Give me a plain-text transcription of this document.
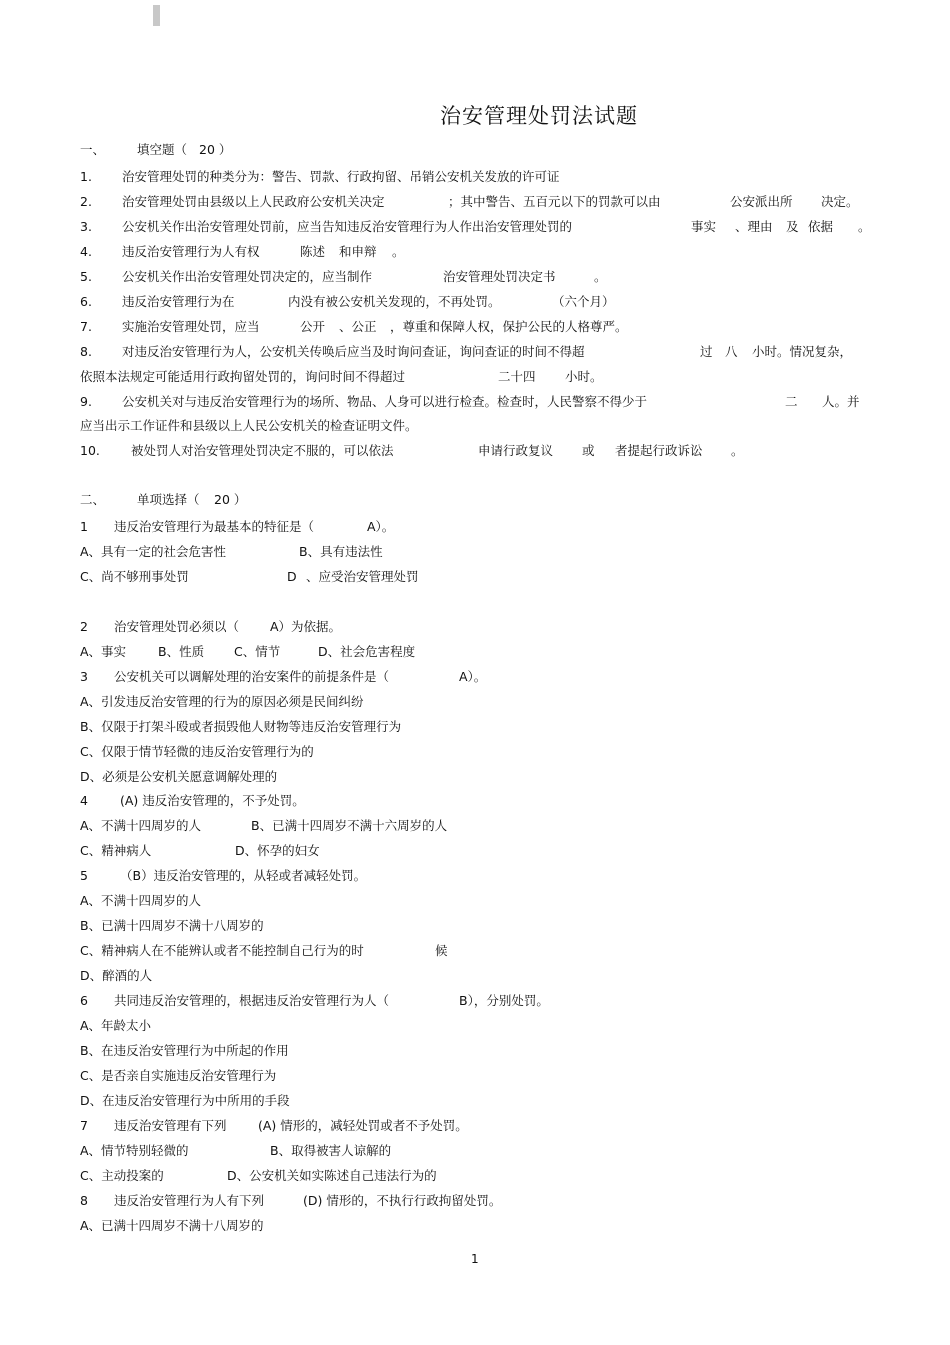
治安管理处罚法试题
一、	填空题（ 20 ）
1. 治安管理处罚的种类分为：警告、罚款、行政拘留、吊销公安机关发放的许可证
2. 治安管理处罚由县级以上人民政府公安机关决定	；其中警告、五百元以下的罚款可以由	公安派出所 决定。
3. 公安机关作出治安管理处罚前，应当告知违反治安管理行为人作出治安管理处罚的	事实 、理由 及 依据 。
4. 违反治安管理行为人有权	陈述 和申辩 。
5. 公安机关作出治安管理处罚决定的，应当制作	治安管理处罚决定书	。
6. 违反治安管理行为在	内没有被公安机关发现的，不再处罚。	（六个月）
7. 实施治安管理处罚，应当	公开 、公正 ，尊重和保障人权，保护公民的人格尊严。
8. 对违反治安管理行为人，公安机关传唤后应当及时询问查证，询问查证的时间不得超	过 八 小时。情况复杂，
依照本法规定可能适用行政拘留处罚的，询问时间不得超过	二十四 小时。
9. 公安机关对与违反治安管理行为的场所、物品、人身可以进行检查。检查时，人民警察不得少于	二 人。并
应当出示工作证件和县级以上人民公安机关的检查证明文件。
10. 被处罚人对治安管理处罚决定不服的，可以依法	申请行政复议 或 者提起行政诉讼 。
二、	单项选择（ 20 ）
1 违反治安管理行为最基本的特征是（	A）。
A、具有一定的社会危害性	B、具有违法性
C、尚不够刑事处罚	D 、应受治安管理处罚
2 治安管理处罚必须以（ A）为依据。
A、事实	B、性质 C、情节	D、社会危害程度
3 公安机关可以调解处理的治安案件的前提条件是（	A）。
A、引发违反治安管理的行为的原因必须是民间纠纷
B、仅限于打架斗殴或者损毁他人财物等违反治安管理行为
C、仅限于情节轻微的违反治安管理行为的
D、必须是公安机关愿意调解处理的
4	(A) 违反治安管理的，不予处罚。
A、不满十四周岁的人	B、已满十四周岁不满十六周岁的人
C、精神病人	D、怀孕的妇女
5	（B）违反治安管理的，从轻或者减轻处罚。
A、不满十四周岁的人
B、已满十四周岁不满十八周岁的
C、精神病人在不能辨认或者不能控制自己行为的时	候
D、醉酒的人
6 共同违反治安管理的，根据违反治安管理行为人（	B），分别处罚。
A、年龄太小
B、在违反治安管理行为中所起的作用
C、是否亲自实施违反治安管理行为
D、在违反治安管理行为中所用的手段
7 违反治安管理有下列	(A) 情形的，减轻处罚或者不予处罚。
A、情节特别轻微的	B、取得被害人谅解的
C、主动投案的	D、公安机关如实陈述自己违法行为的
8 违反治安管理行为人有下列	(D) 情形的，不执行行政拘留处罚。
A、已满十四周岁不满十八周岁的
1
